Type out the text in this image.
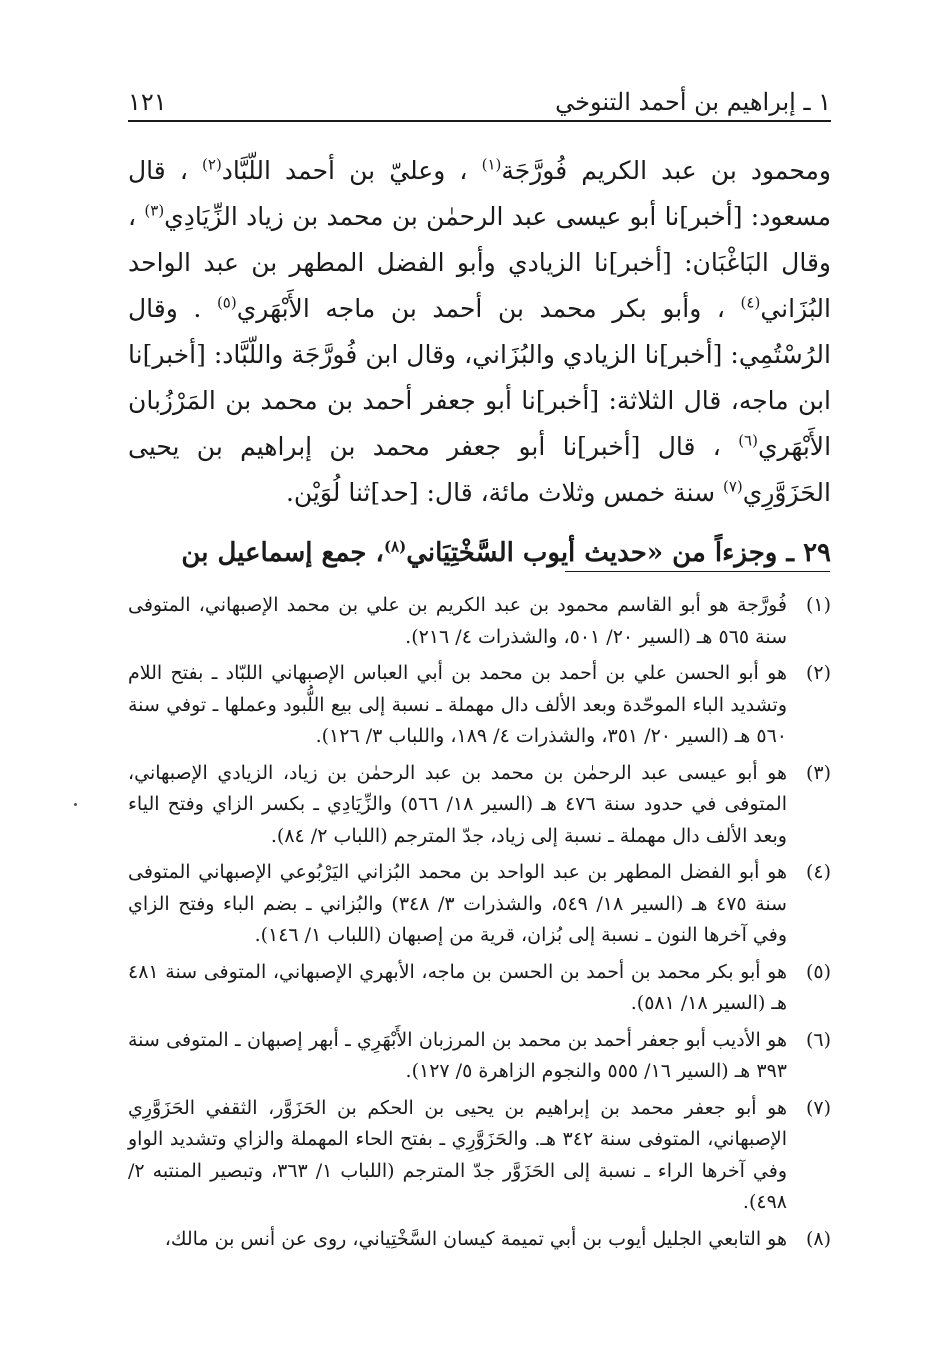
١ ـ إبراهيم بن أحمد التنوخي
١٢١

ومحمود بن عبد الكريم فُورَّجَة$^{(١)}$ ، وعليّ بن أحمد اللّبَّاد$^{(٢)}$ ، قال مسعود: [أخبر]نا أبو عيسى عبد الرحمٰن بن محمد بن زياد الزِّيَادِي$^{(٣)}$ ، وقال البَاغْبَان: [أخبر]نا الزيادي وأبو الفضل المطهر بن عبد الواحد البُزَاني$^{(٤)}$ ، وأبو بكر محمد بن أحمد بن ماجه الأَبْهَري$^{(٥)}$ . وقال الرُسْتُمِي: [أخبر]نا الزيادي والبُزَاني، وقال ابن فُورَّجَة واللّبَّاد: [أخبر]نا ابن ماجه، قال الثلاثة: [أخبر]نا أبو جعفر أحمد بن محمد بن المَرْزُبان الأَبْهَري$^{(٦)}$ ، قال [أخبر]نا أبو جعفر محمد بن إبراهيم بن يحيى الحَزَوَّرِي$^{(٧)}$ سنة خمس وثلاث مائة، قال: [حد]ثنا لُوَيْن.

٢٩ ـ وجزءاً من «حديث أيوب السَّخْتِيَاني$^{(٨)}$، جمع إسماعيل بن

(١)
فُورَّجة هو أبو القاسم محمود بن عبد الكريم بن علي بن محمد الإصبهاني، المتوفى سنة ٥٦٥ هـ (السير ٢٠/ ٥٠١، والشذرات ٤/ ٢١٦).
(٢)
هو أبو الحسن علي بن أحمد بن محمد بن أبي العباس الإصبهاني اللبّاد ـ بفتح اللام وتشديد الباء الموحّدة وبعد الألف دال مهملة ـ نسبة إلى بيع اللُّبود وعملها ـ توفي سنة ٥٦٠ هـ (السير ٢٠/ ٣٥١، والشذرات ٤/ ١٨٩، واللباب ٣/ ١٢٦).
(٣)
هو أبو عيسى عبد الرحمٰن بن محمد بن عبد الرحمٰن بن زياد، الزيادي الإصبهاني، المتوفى في حدود سنة ٤٧٦ هـ (السير ١٨/ ٥٦٦) والزِّيَادِي ـ بكسر الزاي وفتح الياء وبعد الألف دال مهملة ـ نسبة إلى زياد، جدّ المترجم (اللباب ٢/ ٨٤).
(٤)
هو أبو الفضل المطهر بن عبد الواحد بن محمد البُزاني اليَرْبُوعي الإصبهاني المتوفى سنة ٤٧٥ هـ (السير ١٨/ ٥٤٩، والشذرات ٣/ ٣٤٨) والبُزاني ـ بضم الباء وفتح الزاي وفي آخرها النون ـ نسبة إلى بُزان، قرية من إصبهان (اللباب ١/ ١٤٦).
(٥)
هو أبو بكر محمد بن أحمد بن الحسن بن ماجه، الأبهري الإصبهاني، المتوفى سنة ٤٨١ هـ (السير ١٨/ ٥٨١).
(٦)
هو الأديب أبو جعفر أحمد بن محمد بن المرزبان الأَبْهَرِي ـ أبهر إصبهان ـ المتوفى سنة ٣٩٣ هـ (السير ١٦/ ٥٥٥ والنجوم الزاهرة ٥/ ١٢٧).
(٧)
هو أبو جعفر محمد بن إبراهيم بن يحيى بن الحكم بن الحَزَوَّر، الثقفي الحَزَوَّرِي الإصبهاني، المتوفى سنة ٣٤٢ هـ. والحَزَوَّرِي ـ بفتح الحاء المهملة والزاي وتشديد الواو وفي آخرها الراء ـ نسبة إلى الحَزَوَّر جدّ المترجم (اللباب ١/ ٣٦٣، وتبصير المنتبه ٢/ ٤٩٨).
(٨)
هو التابعي الجليل أيوب بن أبي تميمة كيسان السَّخْتِياني، روى عن أنس بن مالك،
